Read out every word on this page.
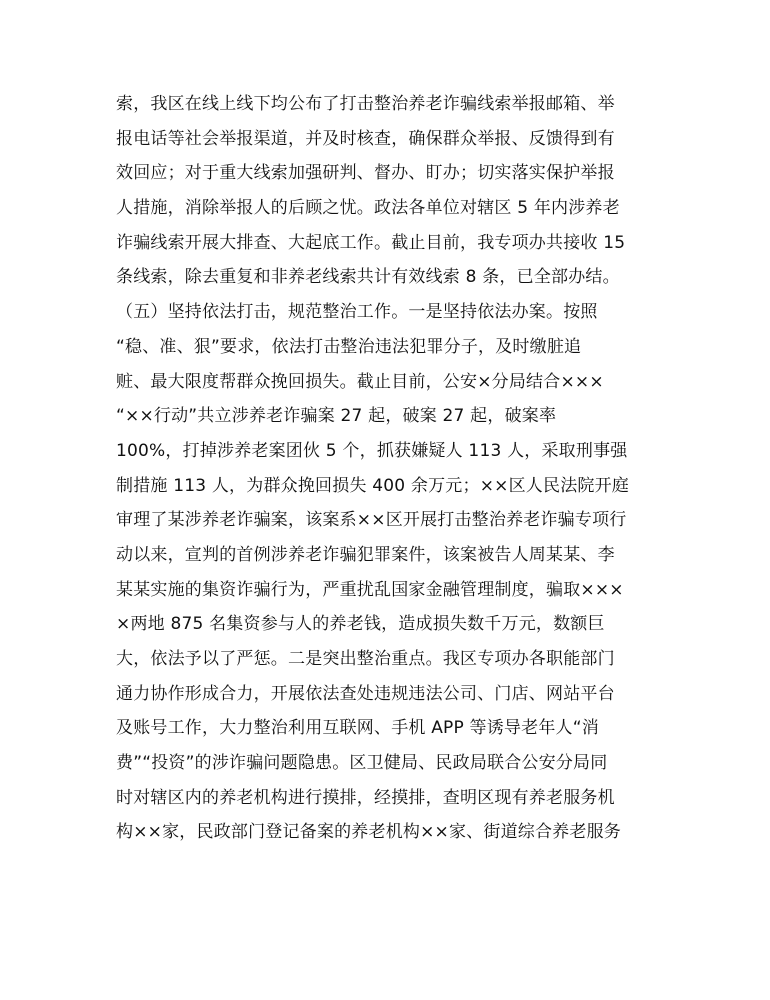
索，我区在线上线下均公布了打击整治养老诈骗线索举报邮箱、举
报电话等社会举报渠道，并及时核查，确保群众举报、反馈得到有
效回应；对于重大线索加强研判、督办、盯办；切实落实保护举报
人措施，消除举报人的后顾之忧。政法各单位对辖区 5 年内涉养老
诈骗线索开展大排查、大起底工作。截止目前，我专项办共接收 15
条线索，除去重复和非养老线索共计有效线索 8 条，已全部办结。
（五）坚持依法打击，规范整治工作。一是坚持依法办案。按照
“稳、准、狠”要求，依法打击整治违法犯罪分子，及时缴脏追
赃、最大限度帮群众挽回损失。截止目前，公安×分局结合×××
“××行动”共立涉养老诈骗案 27 起，破案 27 起，破案率
100%，打掉涉养老案团伙 5 个，抓获嫌疑人 113 人，采取刑事强
制措施 113 人，为群众挽回损失 400 余万元；××区人民法院开庭
审理了某涉养老诈骗案，该案系××区开展打击整治养老诈骗专项行
动以来，宣判的首例涉养老诈骗犯罪案件，该案被告人周某某、李
某某实施的集资诈骗行为，严重扰乱国家金融管理制度，骗取×××
×两地 875 名集资参与人的养老钱，造成损失数千万元，数额巨
大，依法予以了严惩。二是突出整治重点。我区专项办各职能部门
通力协作形成合力，开展依法查处违规违法公司、门店、网站平台
及账号工作，大力整治利用互联网、手机 APP 等诱导老年人“消
费”“投资”的涉诈骗问题隐患。区卫健局、民政局联合公安分局同
时对辖区内的养老机构进行摸排，经摸排，查明区现有养老服务机
构××家，民政部门登记备案的养老机构××家、街道综合养老服务
